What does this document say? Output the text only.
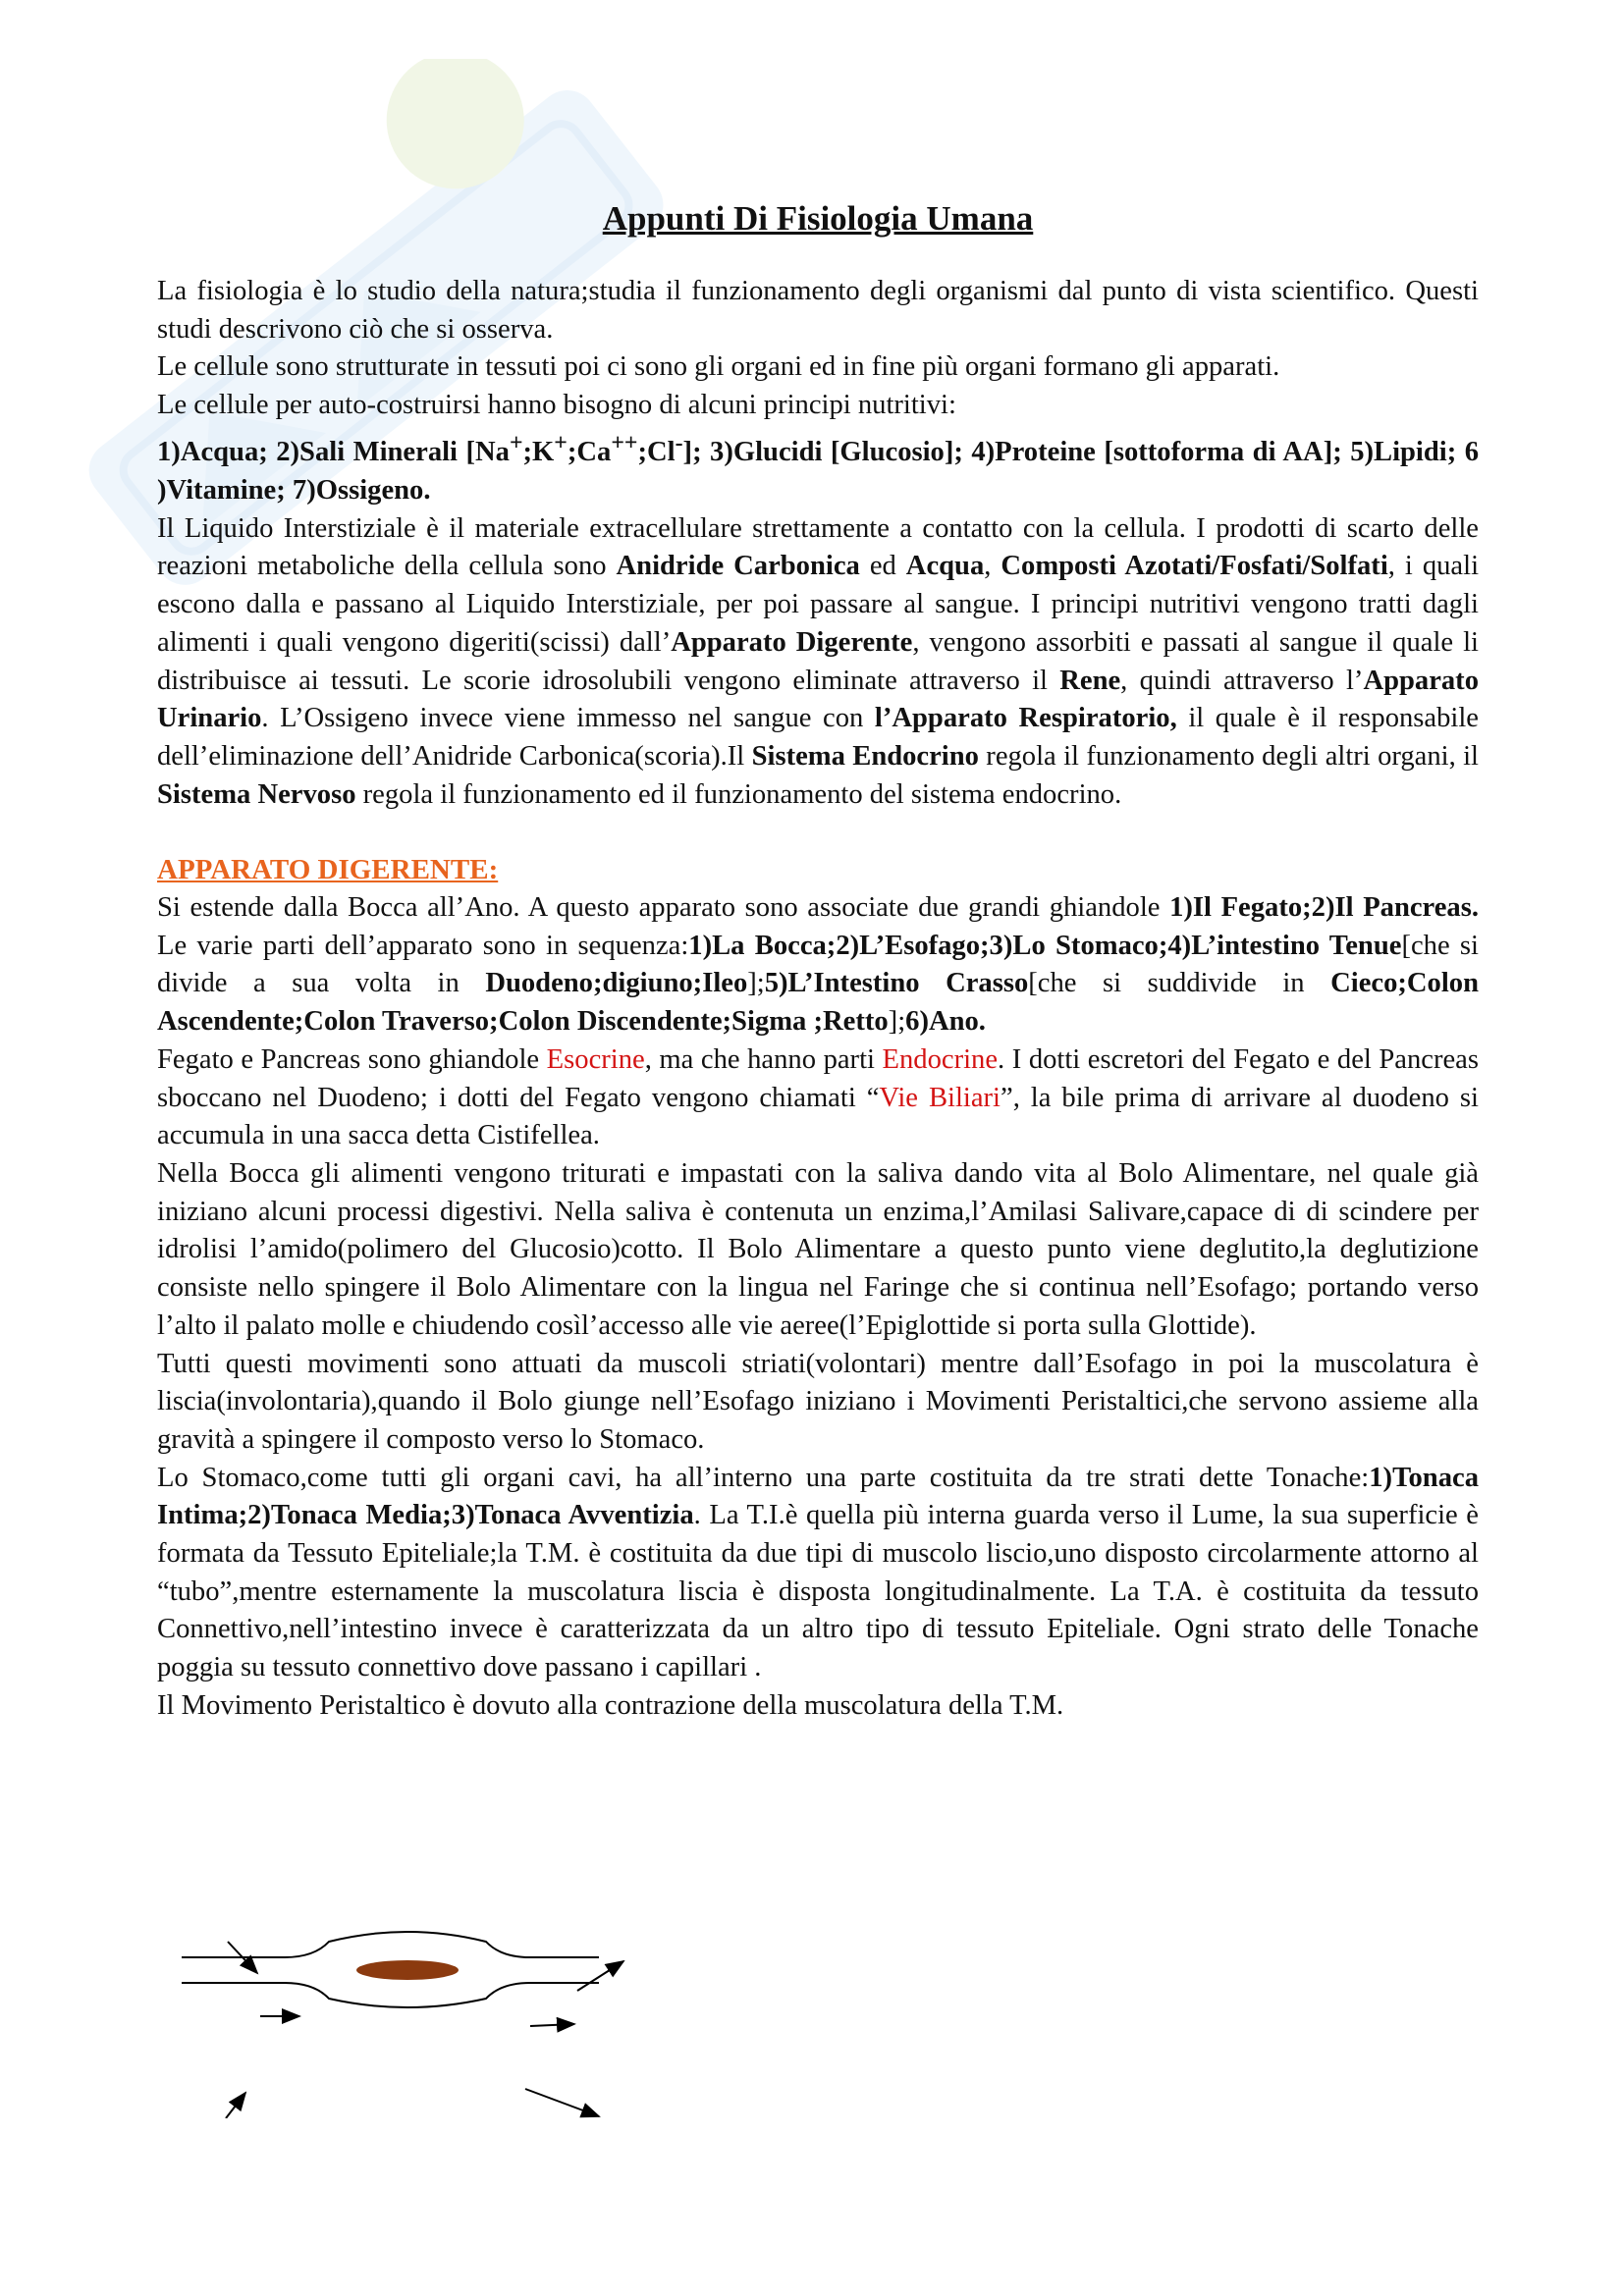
Appunti Di Fisiologia Umana

La fisiologia è lo studio della natura;studia il funzionamento degli organismi dal punto di vista scientifico. Questi studi descrivono ciò che si osserva.

Le cellule sono strutturate in tessuti poi ci sono gli organi ed in fine più organi formano gli apparati.

Le cellule per auto-costruirsi hanno bisogno di alcuni principi nutritivi:

1)Acqua; 2)Sali Minerali [Na+;K+;Ca++;Cl-]; 3)Glucidi [Glucosio]; 4)Proteine [sottoforma di AA]; 5)Lipidi; 6 )Vitamine; 7)Ossigeno.

Il Liquido Interstiziale è il materiale extracellulare strettamente a contatto con la cellula. I prodotti di scarto delle reazioni metaboliche della cellula sono Anidride Carbonica ed Acqua, Composti Azotati/Fosfati/Solfati, i quali escono dalla e passano al Liquido Interstiziale, per poi passare al sangue. I principi nutritivi vengono tratti dagli alimenti i quali vengono digeriti(scissi) dall’Apparato Digerente, vengono assorbiti e passati al sangue il quale li distribuisce ai tessuti. Le scorie idrosolubili vengono eliminate attraverso il Rene, quindi attraverso l’Apparato Urinario. L’Ossigeno invece viene immesso nel sangue con l’Apparato Respiratorio, il quale è il responsabile dell’eliminazione dell’Anidride Carbonica(scoria).Il Sistema Endocrino regola il funzionamento degli altri organi, il Sistema Nervoso regola il funzionamento ed il funzionamento del sistema endocrino.

APPARATO DIGERENTE:

Si estende dalla Bocca all’Ano. A questo apparato sono associate due grandi ghiandole 1)Il Fegato;2)Il Pancreas. Le varie parti dell’apparato sono in sequenza:1)La Bocca;2)L’Esofago;3)Lo Stomaco;4)L’intestino Tenue[che si divide a sua volta in Duodeno;digiuno;Ileo];5)L’Intestino Crasso[che si suddivide in Cieco;Colon Ascendente;Colon Traverso;Colon Discendente;Sigma ;Retto];6)Ano.

Fegato e Pancreas sono ghiandole Esocrine, ma che hanno parti Endocrine. I dotti escretori del Fegato e del Pancreas sboccano nel Duodeno; i dotti del Fegato vengono chiamati “Vie Biliari”, la bile prima di arrivare al duodeno si accumula in una sacca detta Cistifellea.

Nella Bocca gli alimenti vengono triturati e impastati con la saliva dando vita al Bolo Alimentare, nel quale già iniziano alcuni processi digestivi. Nella saliva è contenuta un enzima,l’Amilasi Salivare,capace di di scindere per idrolisi l’amido(polimero del Glucosio)cotto. Il Bolo Alimentare a questo punto viene deglutito,la deglutizione consiste nello spingere il Bolo Alimentare con la lingua nel Faringe che si continua nell’Esofago; portando verso l’alto il palato molle e chiudendo cosìl’accesso alle vie aeree(l’Epiglottide si porta sulla Glottide).

Tutti questi movimenti sono attuati da muscoli striati(volontari) mentre dall’Esofago in poi la muscolatura è liscia(involontaria),quando il Bolo giunge nell’Esofago iniziano i Movimenti Peristaltici,che servono assieme alla gravità a spingere il composto verso lo Stomaco.

Lo Stomaco,come tutti gli organi cavi, ha all’interno una parte costituita da tre strati dette Tonache:1)Tonaca Intima;2)Tonaca Media;3)Tonaca Avventizia. La T.I.è quella più interna guarda verso il Lume, la sua superficie è formata da Tessuto Epiteliale;la T.M. è costituita da due tipi di muscolo liscio,uno disposto circolarmente attorno al “tubo”,mentre esternamente la muscolatura liscia è disposta longitudinalmente. La T.A. è costituita da tessuto Connettivo,nell’intestino invece è caratterizzata da un altro tipo di tessuto Epiteliale. Ogni strato delle Tonache poggia su tessuto connettivo dove passano i capillari .

Il Movimento Peristaltico è dovuto alla contrazione della muscolatura della T.M.
